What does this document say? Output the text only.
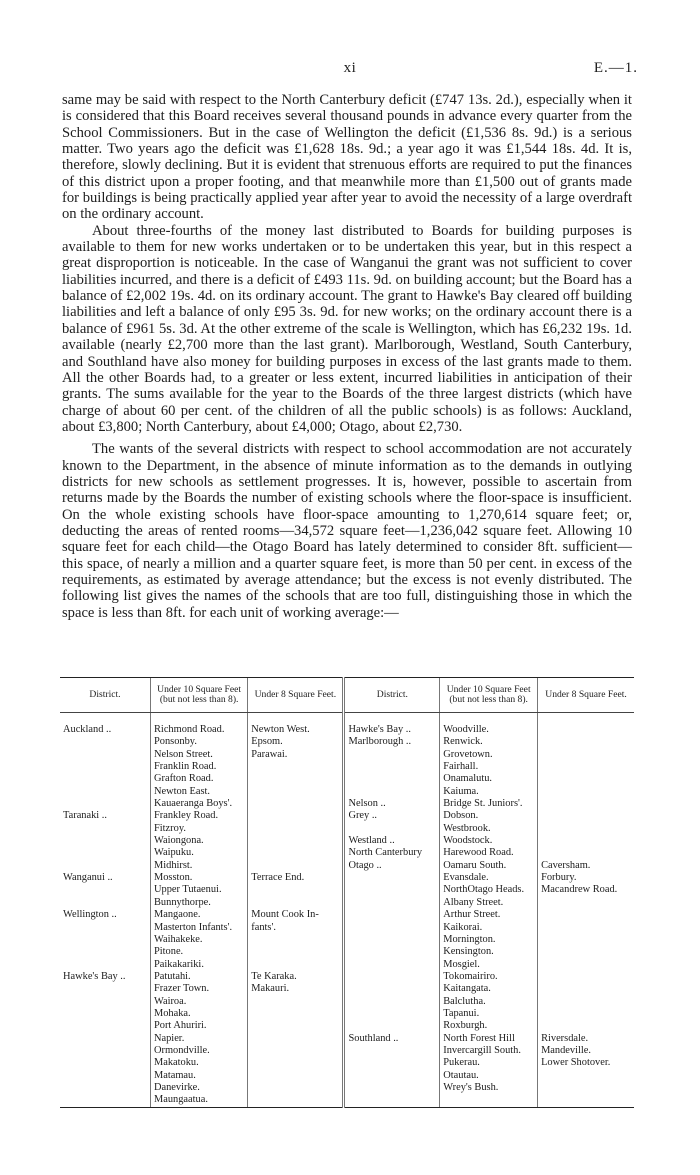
xi	E.—1.

same may be said with respect to the North Canterbury deficit (£747 13s. 2d.), especially when it is considered that this Board receives several thousand pounds in advance every quarter from the School Commissioners. But in the case of Wellington the deficit (£1,536 8s. 9d.) is a serious matter. Two years ago the deficit was £1,628 18s. 9d.; a year ago it was £1,544 18s. 4d. It is, therefore, slowly declining. But it is evident that strenuous efforts are required to put the finances of this district upon a proper footing, and that meanwhile more than £1,500 out of grants made for buildings is being practically applied year after year to avoid the necessity of a large overdraft on the ordinary account.

About three-fourths of the money last distributed to Boards for building purposes is available to them for new works undertaken or to be undertaken this year, but in this respect a great disproportion is noticeable. In the case of Wanganui the grant was not sufficient to cover liabilities incurred, and there is a deficit of £493 11s. 9d. on building account; but the Board has a balance of £2,002 19s. 4d. on its ordinary account. The grant to Hawke's Bay cleared off building liabilities and left a balance of only £95 3s. 9d. for new works; on the ordinary account there is a balance of £961 5s. 3d. At the other extreme of the scale is Wellington, which has £6,232 19s. 1d. available (nearly £2,700 more than the last grant). Marlborough, Westland, South Canterbury, and Southland have also money for building purposes in excess of the last grants made to them. All the other Boards had, to a greater or less extent, incurred liabilities in anticipation of their grants. The sums available for the year to the Boards of the three largest districts (which have charge of about 60 per cent. of the children of all the public schools) is as follows: Auckland, about £3,800; North Canterbury, about £4,000; Otago, about £2,730.

The wants of the several districts with respect to school accommodation are not accurately known to the Department, in the absence of minute information as to the demands in outlying districts for new schools as settlement progresses. It is, however, possible to ascertain from returns made by the Boards the number of existing schools where the floor-space is insufficient. On the whole existing schools have floor-space amounting to 1,270,614 square feet; or, deducting the areas of rented rooms—34,572 square feet—1,236,042 square feet. Allowing 10 square feet for each child—the Otago Board has lately determined to consider 8ft. sufficient—this space, of nearly a million and a quarter square feet, is more than 50 per cent. in excess of the requirements, as estimated by average attendance; but the excess is not evenly distributed. The following list gives the names of the schools that are too full, distinguishing those in which the space is less than 8ft. for each unit of working average:—

District.	Under 10 Square Feet (but not less than 8).	Under 8 Square Feet.	District.	Under 10 Square Feet (but not less than 8).	Under 8 Square Feet.

Auckland ..	Richmond Road.	Newton West.	Hawke's Bay ..	Woodville.	

	Ponsonby.	Epsom.	Marlborough ..	Renwick.	

	Nelson Street.	Parawai.		Grovetown.	

	Franklin Road.			Fairhall.	

	Grafton Road.			Onamalutu.	

	Newton East.			Kaiuma.	

	Kauaeranga Boys'.		Nelson ..	Bridge St. Juniors'.	

Taranaki ..	Frankley Road.		Grey ..	Dobson.	

	Fitzroy.			Westbrook.	

	Waiongona.		Westland ..	Woodstock.	

	Waipuku.		North Canterbury	Harewood Road.	

	Midhirst.		Otago ..	Oamaru South.	Caversham.

Wanganui ..	Mosston.	Terrace End.		Evansdale.	Forbury.

	Upper Tutaenui.			NorthOtago Heads.	Macandrew Road.

	Bunnythorpe.			Albany Street.	

Wellington ..	Mangaone.	Mount Cook In-		Arthur Street.	

	Masterton Infants'.	fants'.		Kaikorai.	

	Waihakeke.			Mornington.	

	Pitone.			Kensington.	

	Paikakariki.			Mosgiel.	

Hawke's Bay ..	Patutahi.	Te Karaka.		Tokomairiro.	

	Frazer Town.	Makauri.		Kaitangata.	

	Wairoa.			Balclutha.	

	Mohaka.			Tapanui.	

	Port Ahuriri.			Roxburgh.	

	Napier.		Southland ..	North Forest Hill	Riversdale.

	Ormondville.			Invercargill South.	Mandeville.

	Makatoku.			Pukerau.	Lower Shotover.

	Matamau.			Otautau.	

	Danevirke.			Wrey's Bush.	

	Maungaatua.				
